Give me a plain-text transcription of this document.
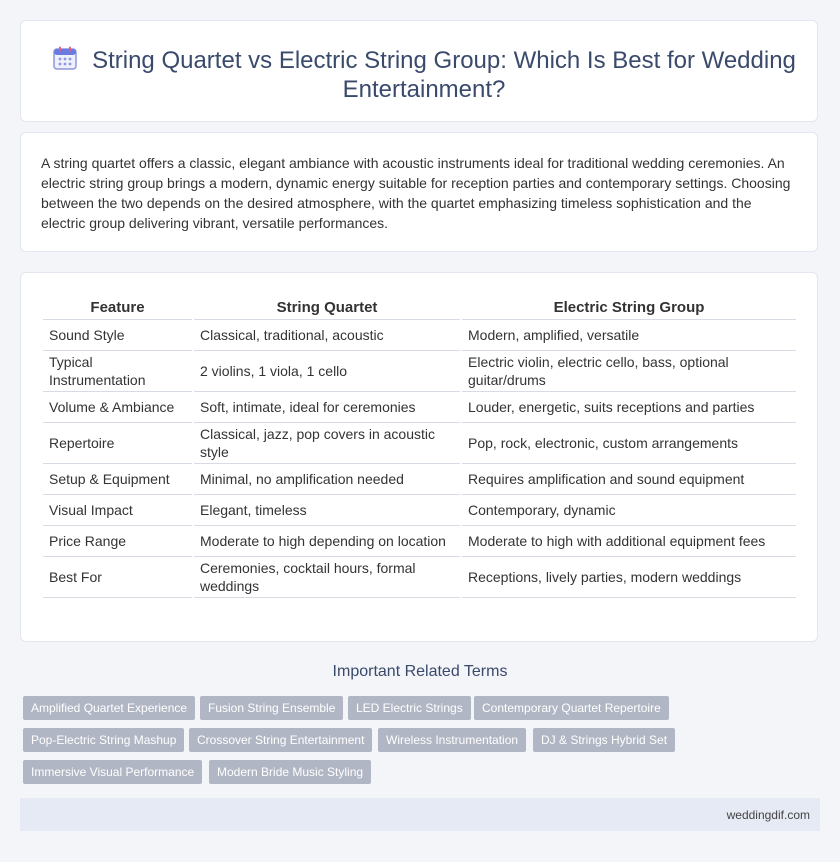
String Quartet vs Electric String Group: Which Is Best for Wedding Entertainment?

A string quartet offers a classic, elegant ambiance with acoustic instruments ideal for traditional wedding ceremonies. An electric string group brings a modern, dynamic energy suitable for reception parties and contemporary settings. Choosing between the two depends on the desired atmosphere, with the quartet emphasizing timeless sophistication and the electric group delivering vibrant, versatile performances.

Feature	String Quartet	Electric String Group
Sound Style	Classical, traditional, acoustic	Modern, amplified, versatile
Typical Instrumentation	2 violins, 1 viola, 1 cello	Electric violin, electric cello, bass, optional guitar/drums
Volume & Ambiance	Soft, intimate, ideal for ceremonies	Louder, energetic, suits receptions and parties
Repertoire	Classical, jazz, pop covers in acoustic style	Pop, rock, electronic, custom arrangements
Setup & Equipment	Minimal, no amplification needed	Requires amplification and sound equipment
Visual Impact	Elegant, timeless	Contemporary, dynamic
Price Range	Moderate to high depending on location	Moderate to high with additional equipment fees
Best For	Ceremonies, cocktail hours, formal weddings	Receptions, lively parties, modern weddings
Important Related Terms
Amplified Quartet Experience	Fusion String Ensemble	LED Electric Strings	Contemporary Quartet Repertoire
Pop-Electric String Mashup	Crossover String Entertainment	Wireless Instrumentation	DJ & Strings Hybrid Set
Immersive Visual Performance	Modern Bride Music Styling
weddingdif.com
